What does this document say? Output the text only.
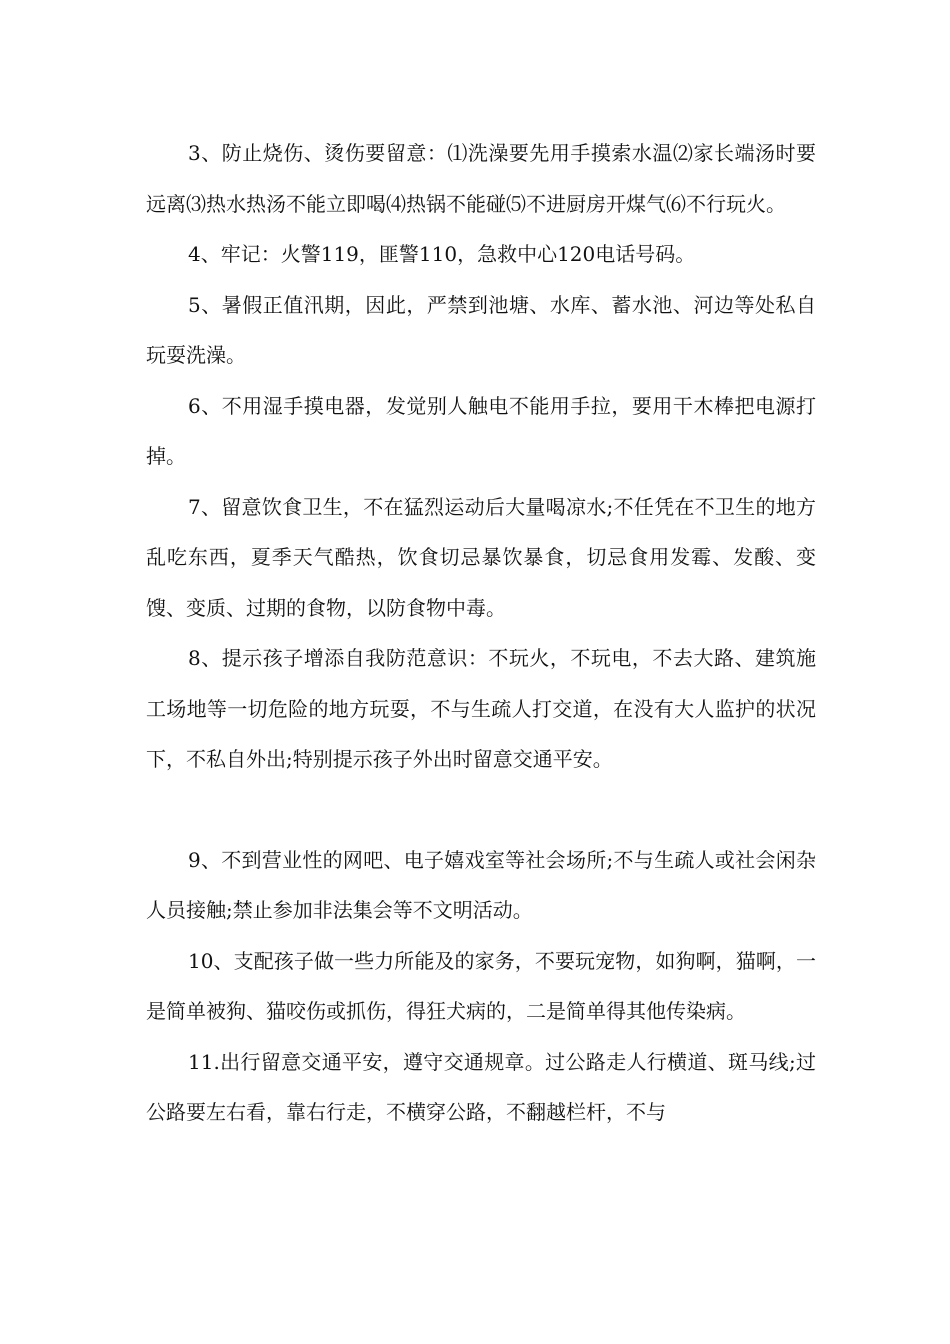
3、防止烧伤、烫伤要留意：⑴洗澡要先用手摸索水温⑵家长端汤时要远离⑶热水热汤不能立即喝⑷热锅不能碰⑸不进厨房开煤气⑹不行玩火。

4、牢记：火警119，匪警110，急救中心120电话号码。

5、暑假正值汛期，因此，严禁到池塘、水库、蓄水池、河边等处私自玩耍洗澡。

6、不用湿手摸电器，发觉别人触电不能用手拉，要用干木棒把电源打掉。

7、留意饮食卫生，不在猛烈运动后大量喝凉水;不任凭在不卫生的地方乱吃东西，夏季天气酷热，饮食切忌暴饮暴食，切忌食用发霉、发酸、变馊、变质、过期的食物，以防食物中毒。

8、提示孩子增添自我防范意识：不玩火，不玩电，不去大路、建筑施工场地等一切危险的地方玩耍，不与生疏人打交道，在没有大人监护的状况下，不私自外出;特别提示孩子外出时留意交通平安。

9、不到营业性的网吧、电子嬉戏室等社会场所;不与生疏人或社会闲杂人员接触;禁止参加非法集会等不文明活动。

10、支配孩子做一些力所能及的家务，不要玩宠物，如狗啊，猫啊，一是简单被狗、猫咬伤或抓伤，得狂犬病的，二是简单得其他传染病。

11.出行留意交通平安，遵守交通规章。过公路走人行横道、斑马线;过公路要左右看，靠右行走，不横穿公路，不翻越栏杆，不与
